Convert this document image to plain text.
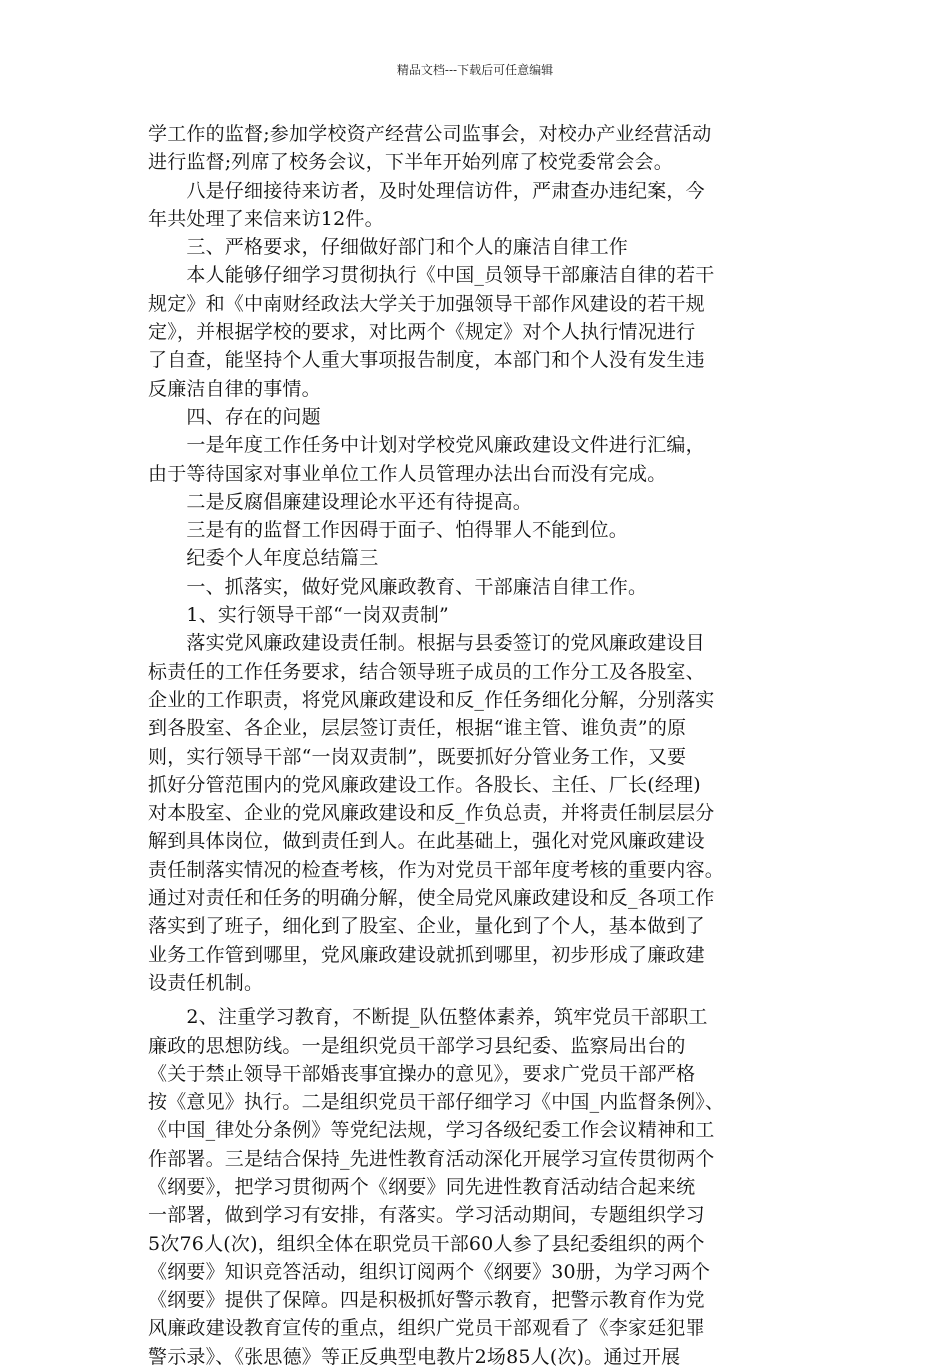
精品文档---下载后可任意编辑
学工作的监督;参加学校资产经营公司监事会，对校办产业经营活动
进行监督;列席了校务会议，下半年开始列席了校党委常会会。
　　八是仔细接待来访者，及时处理信访件，严肃查办违纪案，今
年共处理了来信来访12件。
　　三、严格要求，仔细做好部门和个人的廉洁自律工作
　　本人能够仔细学习贯彻执行《中国_员领导干部廉洁自律的若干
规定》和《中南财经政法大学关于加强领导干部作风建设的若干规
定》，并根据学校的要求，对比两个《规定》对个人执行情况进行
了自查，能坚持个人重大事项报告制度，本部门和个人没有发生违
反廉洁自律的事情。
　　四、存在的问题
　　一是年度工作任务中计划对学校党风廉政建设文件进行汇编，
由于等待国家对事业单位工作人员管理办法出台而没有完成。
　　二是反腐倡廉建设理论水平还有待提高。
　　三是有的监督工作因碍于面子、怕得罪人不能到位。
　　纪委个人年度总结篇三
　　一、抓落实，做好党风廉政教育、干部廉洁自律工作。
　　1、实行领导干部“一岗双责制”
　　落实党风廉政建设责任制。根据与县委签订的党风廉政建设目
标责任的工作任务要求，结合领导班子成员的工作分工及各股室、
企业的工作职责，将党风廉政建设和反_作任务细化分解，分别落实
到各股室、各企业，层层签订责任，根据“谁主管、谁负责”的原
则，实行领导干部“一岗双责制”，既要抓好分管业务工作，又要
抓好分管范围内的党风廉政建设工作。各股长、主任、厂长(经理)
对本股室、企业的党风廉政建设和反_作负总责，并将责任制层层分
解到具体岗位，做到责任到人。在此基础上，强化对党风廉政建设
责任制落实情况的检查考核，作为对党员干部年度考核的重要内容。
通过对责任和任务的明确分解，使全局党风廉政建设和反_各项工作
落实到了班子，细化到了股室、企业，量化到了个人，基本做到了
业务工作管到哪里，党风廉政建设就抓到哪里，初步形成了廉政建
设责任机制。
　　2、注重学习教育，不断提_队伍整体素养，筑牢党员干部职工
廉政的思想防线。一是组织党员干部学习县纪委、监察局出台的
《关于禁止领导干部婚丧事宜操办的意见》，要求广党员干部严格
按《意见》执行。二是组织党员干部仔细学习《中国_内监督条例》、
《中国_律处分条例》等党纪法规，学习各级纪委工作会议精神和工
作部署。三是结合保持_先进性教育活动深化开展学习宣传贯彻两个
《纲要》，把学习贯彻两个《纲要》同先进性教育活动结合起来统
一部署，做到学习有安排，有落实。学习活动期间，专题组织学习
5次76人(次)，组织全体在职党员干部60人参了县纪委组织的两个
《纲要》知识竞答活动，组织订阅两个《纲要》30册，为学习两个
《纲要》提供了保障。四是积极抓好警示教育，把警示教育作为党
风廉政建设教育宣传的重点，组织广党员干部观看了《李家廷犯罪
警示录》、《张思德》等正反典型电教片2场85人(次)。通过开展
